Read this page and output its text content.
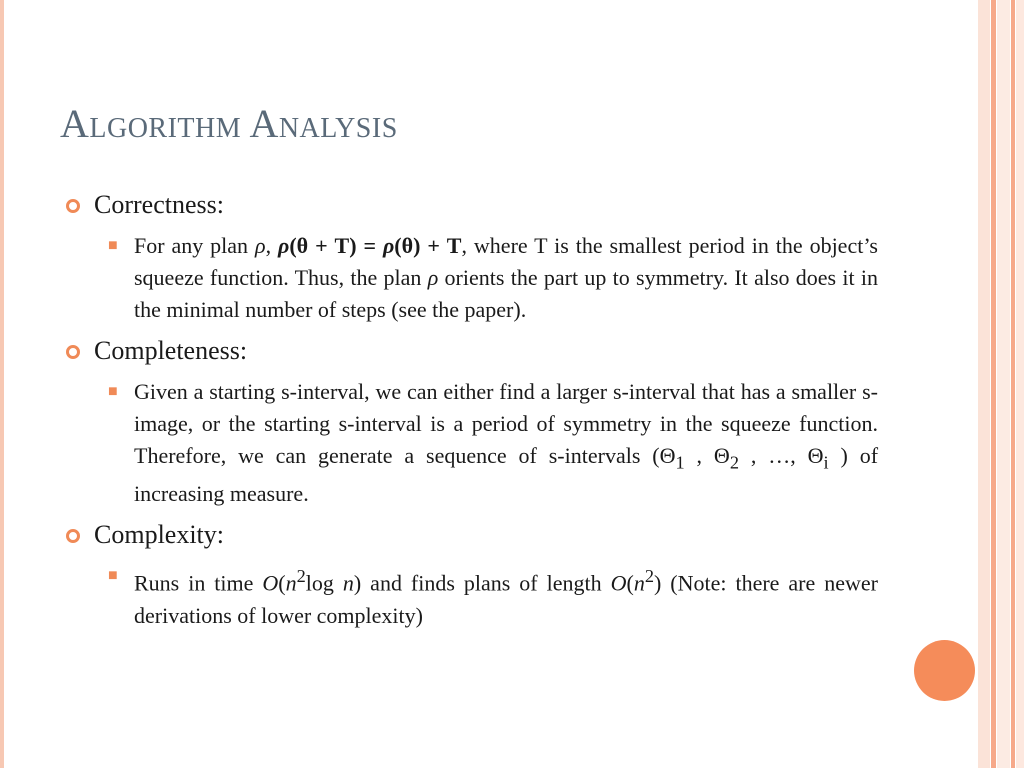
Algorithm Analysis
Correctness:
■ For any plan ρ, ρ(θ + T) = ρ(θ) + T, where T is the smallest period in the object’s squeeze function. Thus, the plan ρ orients the part up to symmetry. It also does it in the minimal number of steps (see the paper).
Completeness:
■ Given a starting s-interval, we can either find a larger s-interval that has a smaller s-image, or the starting s-interval is a period of symmetry in the squeeze function. Therefore, we can generate a sequence of s-intervals ($\Theta_1$ , $\Theta_2$ , …, $\Theta_i$ ) of increasing measure.
Complexity:
■ Runs in time $O(n^2\log$ n) and finds plans of length $O(n^2)$ (Note: there are newer derivations of lower complexity)
